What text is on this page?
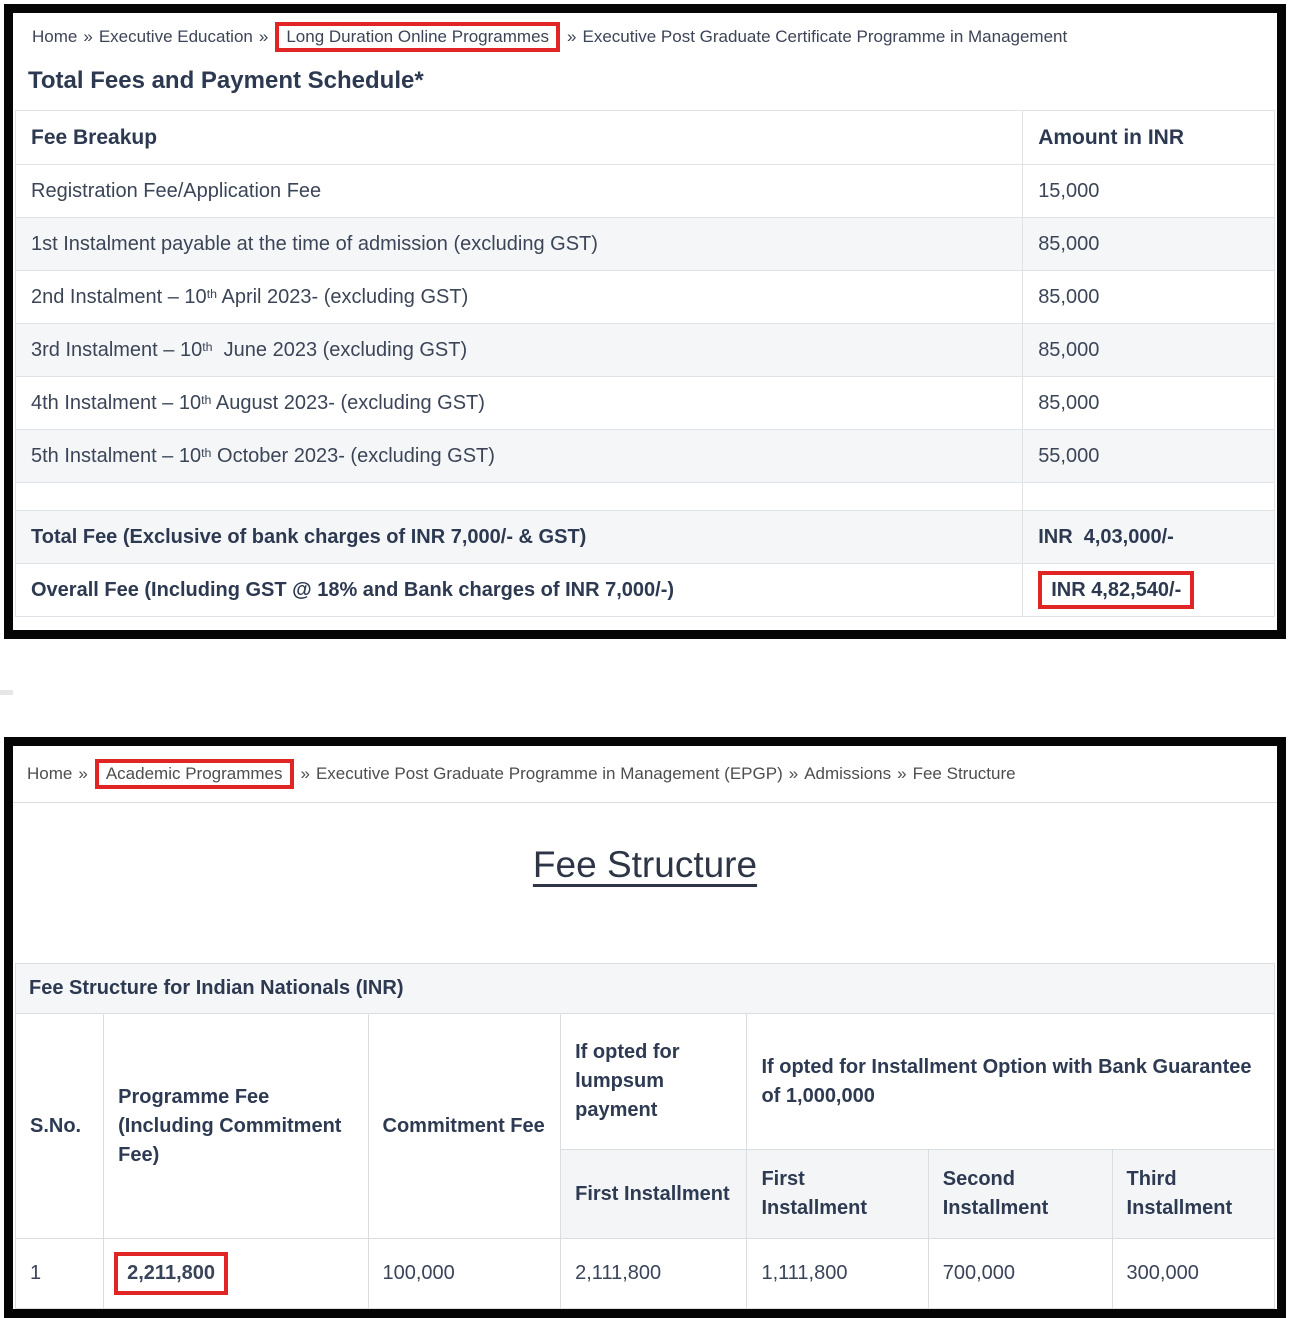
Home » Executive Education » Long Duration Online Programmes » Executive Post Graduate Certificate Programme in Management
Total Fees and Payment Schedule*
Fee Breakup	Amount in INR
Registration Fee/Application Fee	15,000
1st Instalment payable at the time of admission (excluding GST)	85,000
2nd Instalment – 10th April 2023- (excluding GST)	85,000
3rd Instalment – 10th  June 2023 (excluding GST)	85,000
4th Instalment – 10th August 2023- (excluding GST)	85,000
5th Instalment – 10th October 2023- (excluding GST)	55,000

Total Fee (Exclusive of bank charges of INR 7,000/- & GST)	INR  4,03,000/-
Overall Fee (Including GST @ 18% and Bank charges of INR 7,000/-)	INR 4,82,540/-
Home » Academic Programmes » Executive Post Graduate Programme in Management (EPGP) » Admissions » Fee Structure
Fee Structure
Fee Structure for Indian Nationals (INR)
S.No.	Programme Fee (Including Commitment Fee)	Commitment Fee	If opted for lumpsum payment	If opted for Installment Option with Bank Guarantee of 1,000,000		
			First Installment	First Installment	Second Installment	Third Installment
1	2,211,800	100,000	2,111,800	1,111,800	700,000	300,000
